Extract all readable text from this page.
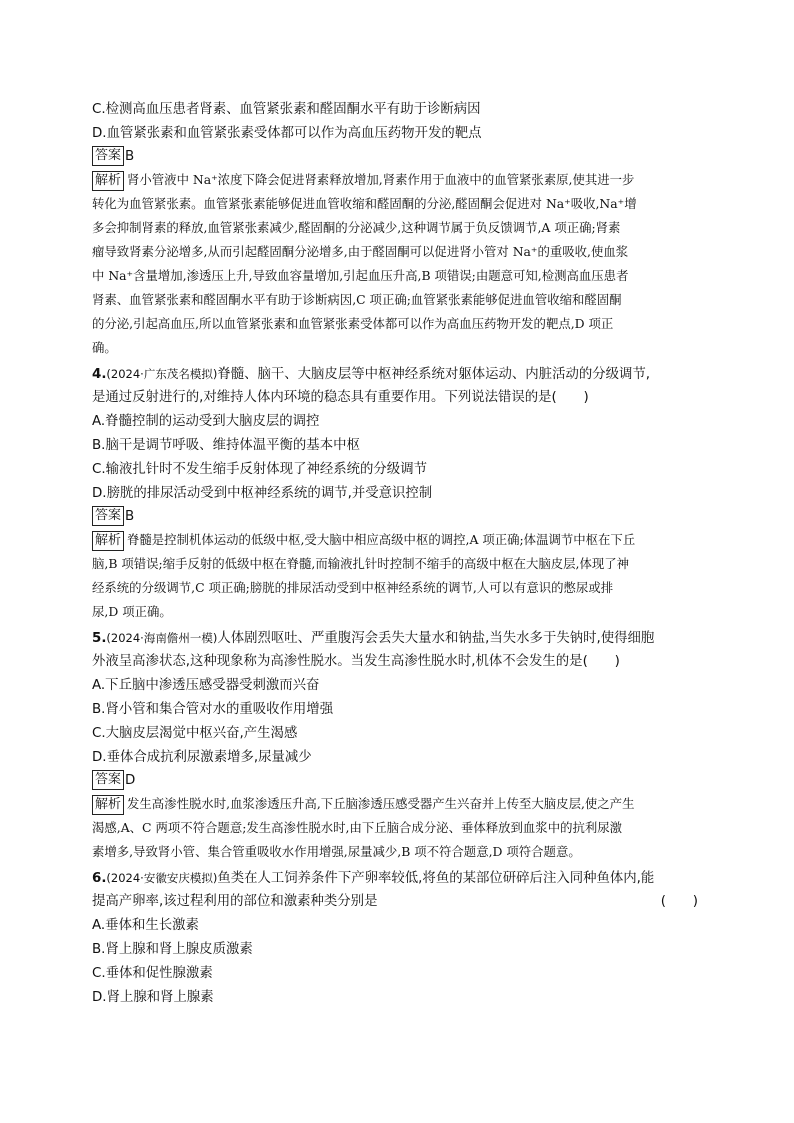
C.检测高血压患者肾素、血管紧张素和醛固酮水平有助于诊断病因
D.血管紧张素和血管紧张素受体都可以作为高血压药物开发的靶点
答案 B
解析 肾小管液中 Na⁺浓度下降会促进肾素释放增加,肾素作用于血液中的血管紧张素原,使其进一步
转化为血管紧张素。血管紧张素能够促进血管收缩和醛固酮的分泌,醛固酮会促进对 Na⁺吸收,Na⁺增
多会抑制肾素的释放,血管紧张素减少,醛固酮的分泌减少,这种调节属于负反馈调节,A 项正确;肾素
瘤导致肾素分泌增多,从而引起醛固酮分泌增多,由于醛固酮可以促进肾小管对 Na⁺的重吸收,使血浆
中 Na⁺含量增加,渗透压上升,导致血容量增加,引起血压升高,B 项错误;由题意可知,检测高血压患者
肾素、血管紧张素和醛固酮水平有助于诊断病因,C 项正确;血管紧张素能够促进血管收缩和醛固酮
的分泌,引起高血压,所以血管紧张素和血管紧张素受体都可以作为高血压药物开发的靶点,D 项正
确。
4.(2024·广东茂名模拟)脊髓、脑干、大脑皮层等中枢神经系统对躯体运动、内脏活动的分级调节,
是通过反射进行的,对维持人体内环境的稳态具有重要作用。下列说法错误的是(　　)
A.脊髓控制的运动受到大脑皮层的调控
B.脑干是调节呼吸、维持体温平衡的基本中枢
C.输液扎针时不发生缩手反射体现了神经系统的分级调节
D.膀胱的排尿活动受到中枢神经系统的调节,并受意识控制
答案 B
解析 脊髓是控制机体运动的低级中枢,受大脑中相应高级中枢的调控,A 项正确;体温调节中枢在下丘
脑,B 项错误;缩手反射的低级中枢在脊髓,而输液扎针时控制不缩手的高级中枢在大脑皮层,体现了神
经系统的分级调节,C 项正确;膀胱的排尿活动受到中枢神经系统的调节,人可以有意识的憋尿或排
尿,D 项正确。
5.(2024·海南儋州一模)人体剧烈呕吐、严重腹泻会丢失大量水和钠盐,当失水多于失钠时,使得细胞
外液呈高渗状态,这种现象称为高渗性脱水。当发生高渗性脱水时,机体不会发生的是(　　)
A.下丘脑中渗透压感受器受刺激而兴奋
B.肾小管和集合管对水的重吸收作用增强
C.大脑皮层渴觉中枢兴奋,产生渴感
D.垂体合成抗利尿激素增多,尿量减少
答案 D
解析 发生高渗性脱水时,血浆渗透压升高,下丘脑渗透压感受器产生兴奋并上传至大脑皮层,使之产生
渴感,A、C 两项不符合题意;发生高渗性脱水时,由下丘脑合成分泌、垂体释放到血浆中的抗利尿激
素增多,导致肾小管、集合管重吸收水作用增强,尿量减少,B 项不符合题意,D 项符合题意。
6.(2024·安徽安庆模拟)鱼类在人工饲养条件下产卵率较低,将鱼的某部位研碎后注入同种鱼体内,能
提高产卵率,该过程利用的部位和激素种类分别是	(　　)
A.垂体和生长激素
B.肾上腺和肾上腺皮质激素
C.垂体和促性腺激素
D.肾上腺和肾上腺素
